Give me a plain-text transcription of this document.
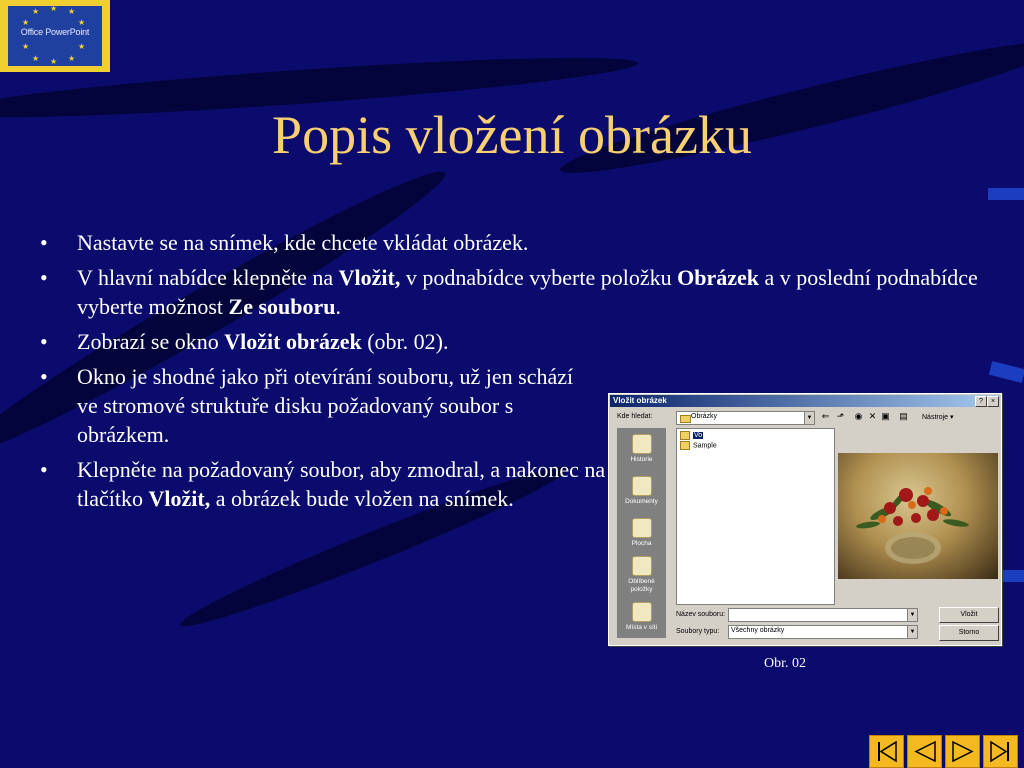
★ ★ ★
★	★
★	★
★ ★ ★
Office PowerPoint
Popis vložení obrázku
• Nastavte se na snímek, kde chcete vkládat obrázek.
• V hlavní nabídce klepněte na Vložit, v podnabídce vyberte položku Obrázek a v poslední podnabídce vyberte možnost Ze souboru.
• Zobrazí se okno Vložit obrázek (obr. 02).
• Okno je shodné jako při otevírání souboru, už jen schází ve stromové struktuře disku požadovaný soubor s obrázkem.
• Klepněte na požadovaný soubor, aby zmodral, a nakonec na tlačítko Vložit, a obrázek bude vložen na snímek.
Vložit obrázek	?	×
Kde hledat:	Obrázky	▼ ⇐ ⬏ ◉ ✕ ▣ ▤ Nástroje ▾
Historie
Dokumenty
Plocha
Oblíbené položky
Místa v síti
Vo
Sample
Název souboru:	▼
Soubory typu: Všechny obrázky	▼
Vložit
Storno
Obr. 02
